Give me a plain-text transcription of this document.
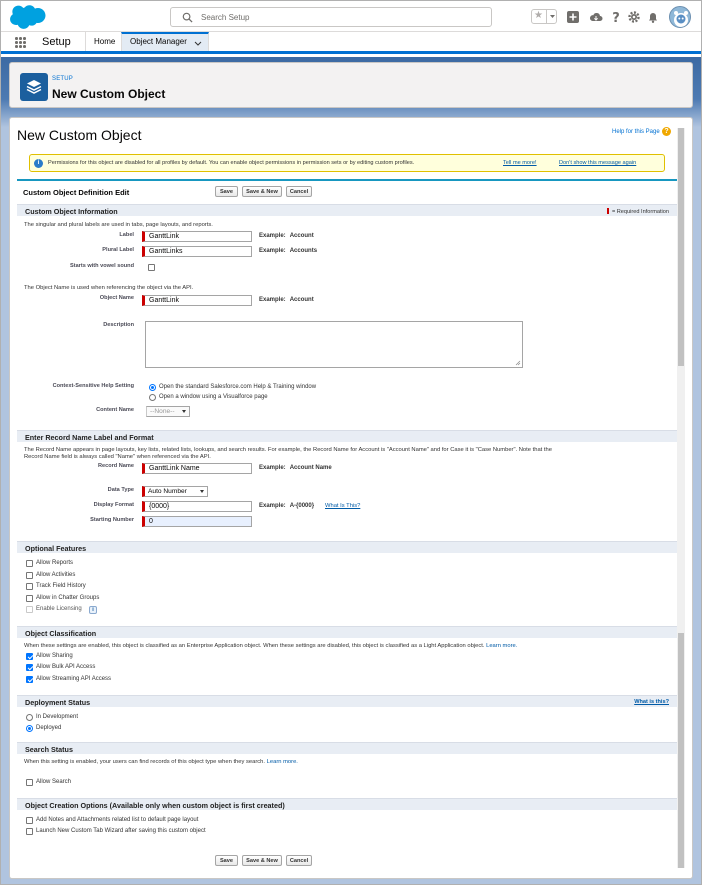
Search Setup	★	?
Setup	Home	Object Manager
SETUP
New Custom Object
New Custom Object	Help for this Page ?
i	Permissions for this object are disabled for all profiles by default. You can enable object permissions in permission sets or by editing custom profiles.	Tell me more!	Don't show this message again
Custom Object Definition Edit	Save	Save & New	Cancel
Custom Object Information	= Required Information
The singular and plural labels are used in tabs, page layouts, and reports.
Label	GanttLink	Example: Account
Plural Label	GanttLinks	Example: Accounts
Starts with vowel sound
The Object Name is used when referencing the object via the API.
Object Name	GanttLink	Example: Account
Description
Context-Sensitive Help Setting	Open the standard Salesforce.com Help & Training window
Open a window using a Visualforce page
Content Name	--None--
Enter Record Name Label and Format
The Record Name appears in page layouts, key lists, related lists, lookups, and search results. For example, the Record Name for Account is "Account Name" and for Case it is "Case Number". Note that the
Record Name field is always called "Name" when referenced via the API.
Record Name	GanttLink Name	Example: Account Name
Data Type	Auto Number
Display Format	{0000}	Example: A-{0000} What Is This?
Starting Number	0
Optional Features
Allow Reports
Allow Activities
Track Field History
Allow in Chatter Groups
Enable Licensing	i
Object Classification
When these settings are enabled, this object is classified as an Enterprise Application object. When these settings are disabled, this object is classified as a Light Application object. Learn more.
Allow Sharing
Allow Bulk API Access
Allow Streaming API Access
Deployment Status	What is this?
In Development
Deployed
Search Status
When this setting is enabled, your users can find records of this object type when they search. Learn more.
Allow Search
Object Creation Options (Available only when custom object is first created)
Add Notes and Attachments related list to default page layout
Launch New Custom Tab Wizard after saving this custom object
Save	Save & New	Cancel
